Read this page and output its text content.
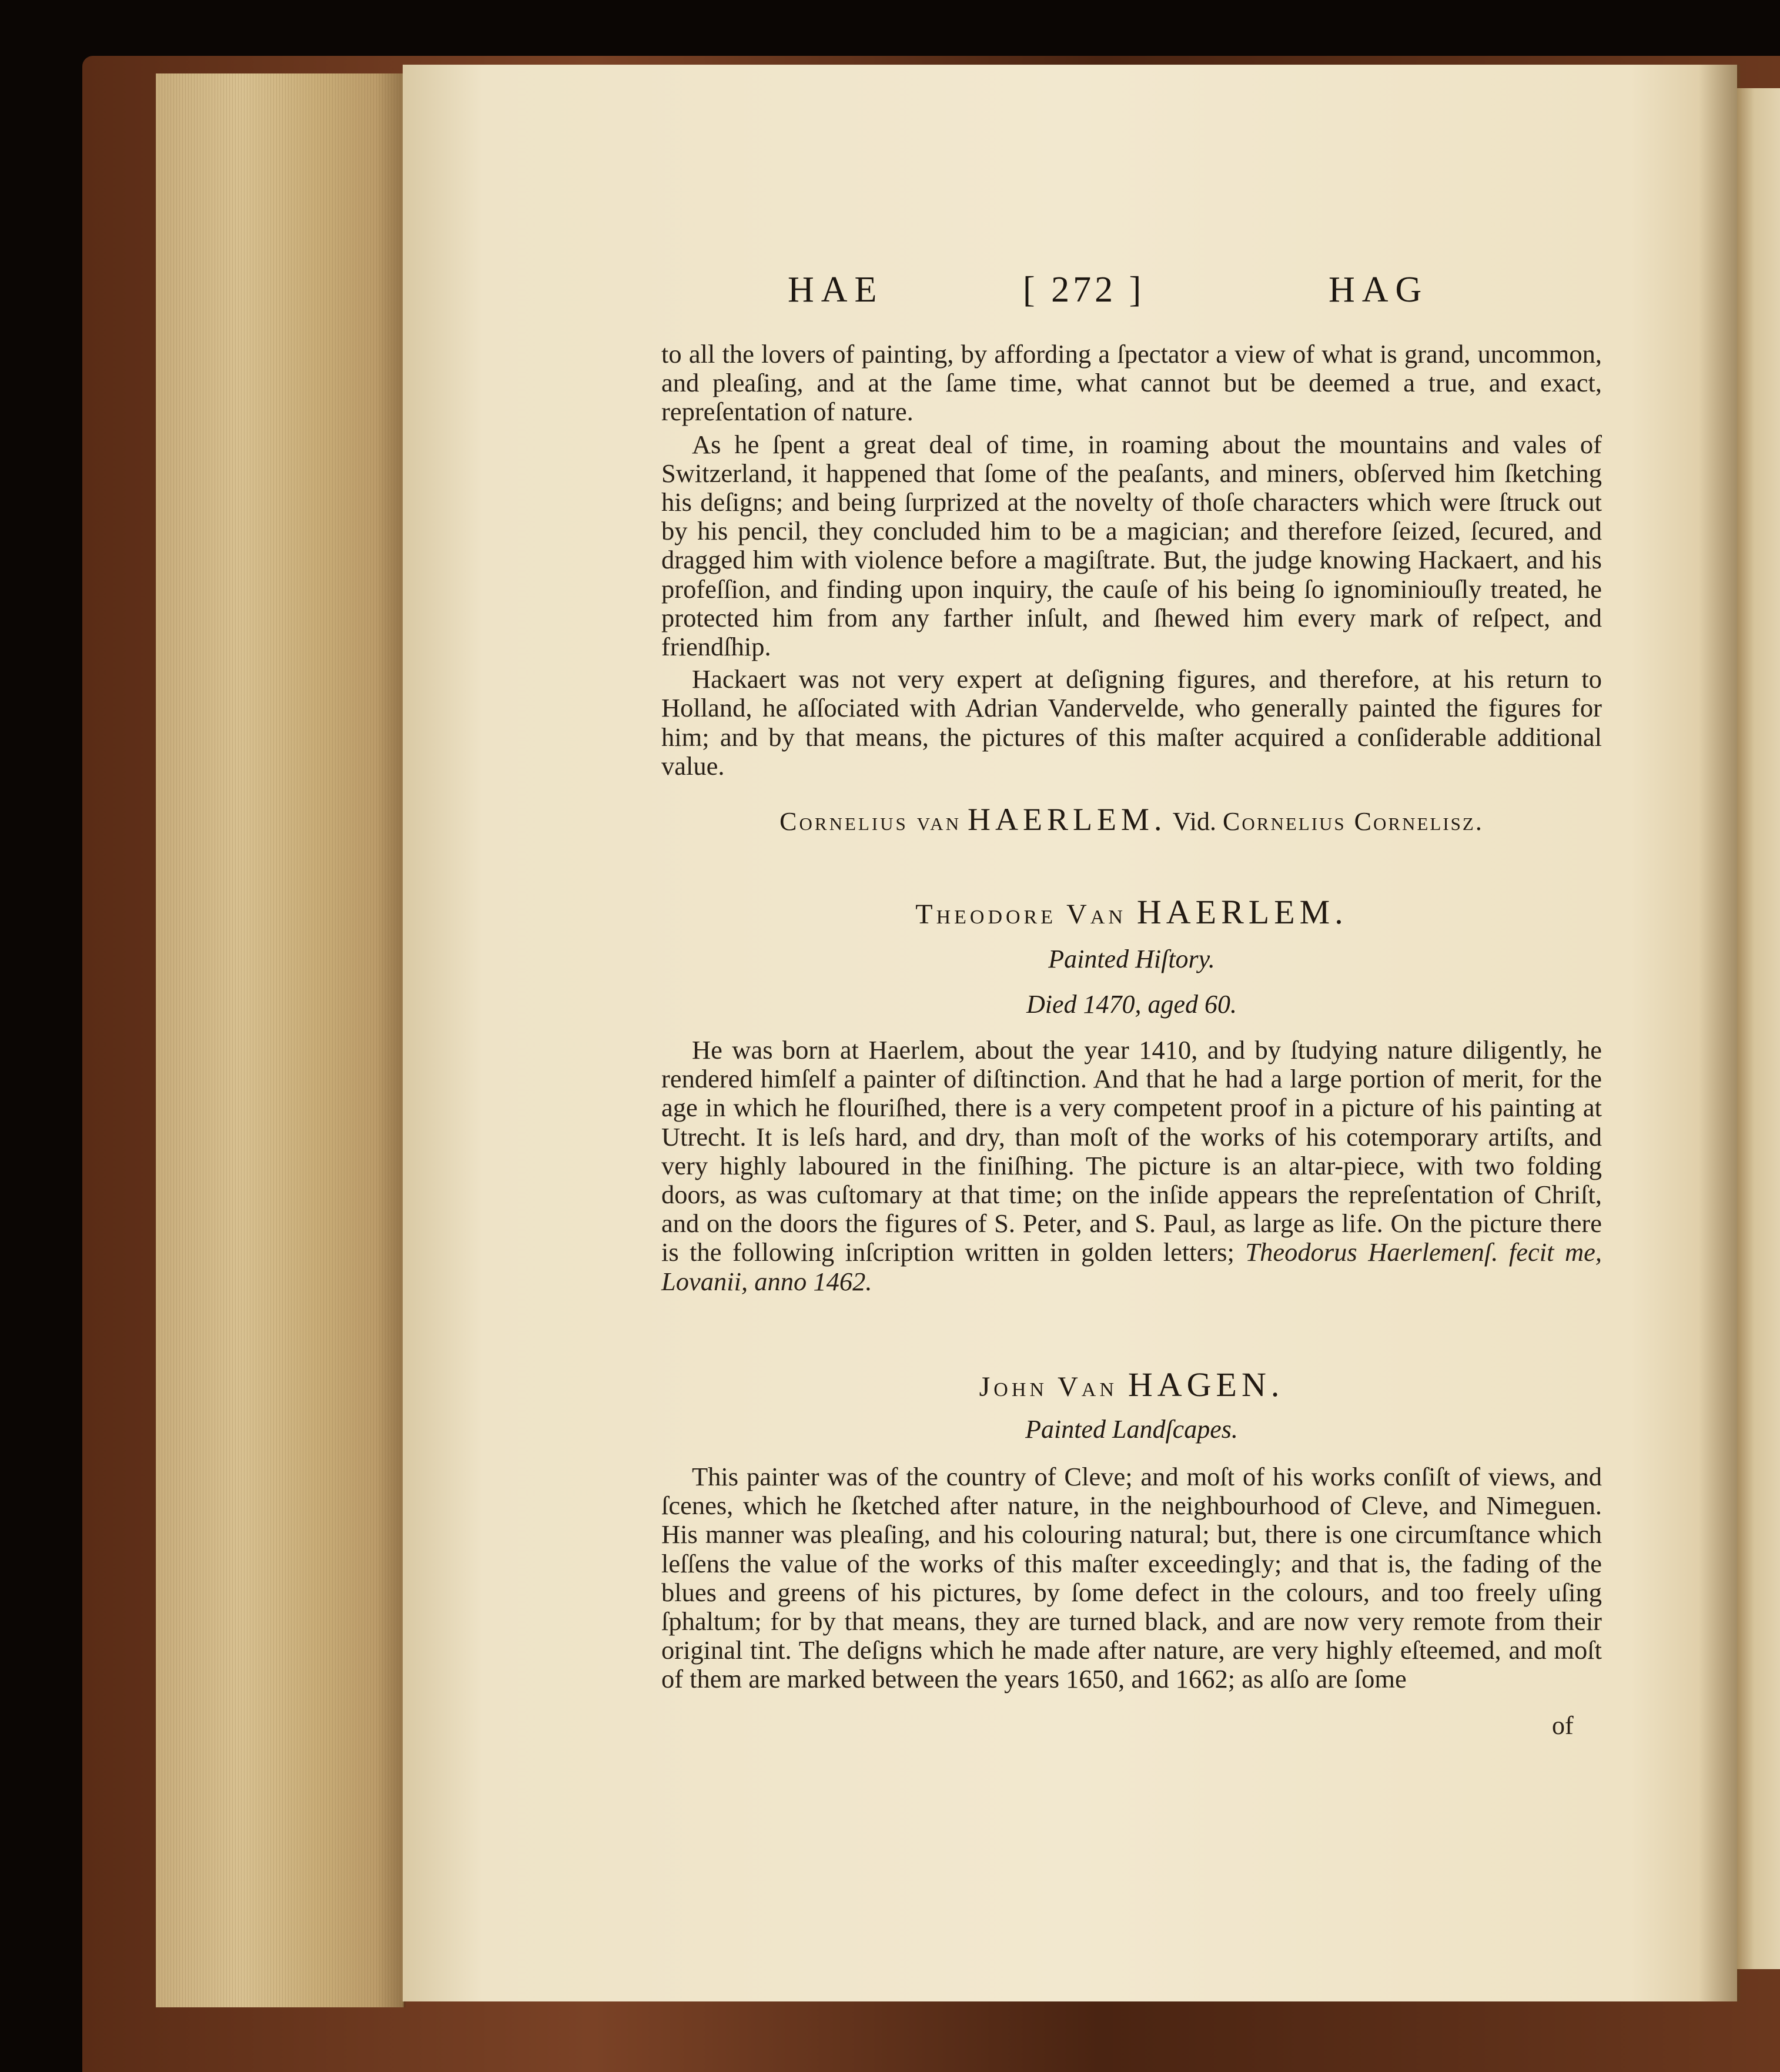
HAE	[ 272 ]	HAG

to all the lovers of painting, by affording a ſpectator a view of what is grand, uncommon, and pleaſing, and at the ſame time, what cannot but be deemed a true, and exact, repreſentation of nature.

As he ſpent a great deal of time, in roaming about the mountains and vales of Switzerland, it happened that ſome of the peaſants, and miners, obſerved him ſketching his deſigns; and being ſurprized at the novelty of thoſe characters which were ſtruck out by his pencil, they concluded him to be a magician; and therefore ſeized, ſecured, and dragged him with violence before a magiſtrate. But, the judge knowing Hackaert, and his profeſſion, and finding upon inquiry, the cauſe of his being ſo ignominiouſly treated, he protected him from any farther inſult, and ſhewed him every mark of reſpect, and friendſhip.

Hackaert was not very expert at deſigning figures, and therefore, at his return to Holland, he aſſociated with Adrian Vandervelde, who generally painted the figures for him; and by that means, the pictures of this maſter acquired a conſiderable additional value.

Cornelius van HAERLEM. Vid. Cornelius Cornelisz.
Theodore Van HAERLEM.
Painted Hiſtory.
Died 1470, aged 60.

He was born at Haerlem, about the year 1410, and by ſtudying nature diligently, he rendered himſelf a painter of diſtinction. And that he had a large portion of merit, for the age in which he flouriſhed, there is a very competent proof in a picture of his painting at Utrecht. It is leſs hard, and dry, than moſt of the works of his cotemporary artiſts, and very highly laboured in the finiſhing. The picture is an altar-piece, with two folding doors, as was cuſtomary at that time; on the inſide appears the repreſentation of Chriſt, and on the doors the figures of S. Peter, and S. Paul, as large as life. On the picture there is the following inſcription written in golden letters; Theodorus Haerlemenſ. fecit me, Lovanii, anno 1462.

John Van HAGEN.
Painted Landſcapes.

This painter was of the country of Cleve; and moſt of his works conſiſt of views, and ſcenes, which he ſketched after nature, in the neighbourhood of Cleve, and Nimeguen. His manner was pleaſing, and his colouring natural; but, there is one circumſtance which leſſens the value of the works of this maſter exceedingly; and that is, the fading of the blues and greens of his pictures, by ſome defect in the colours, and too freely uſing ſphaltum; for by that means, they are turned black, and are now very remote from their original tint. The deſigns which he made after nature, are very highly eſteemed, and moſt of them are marked between the years 1650, and 1662; as alſo are ſome

of
